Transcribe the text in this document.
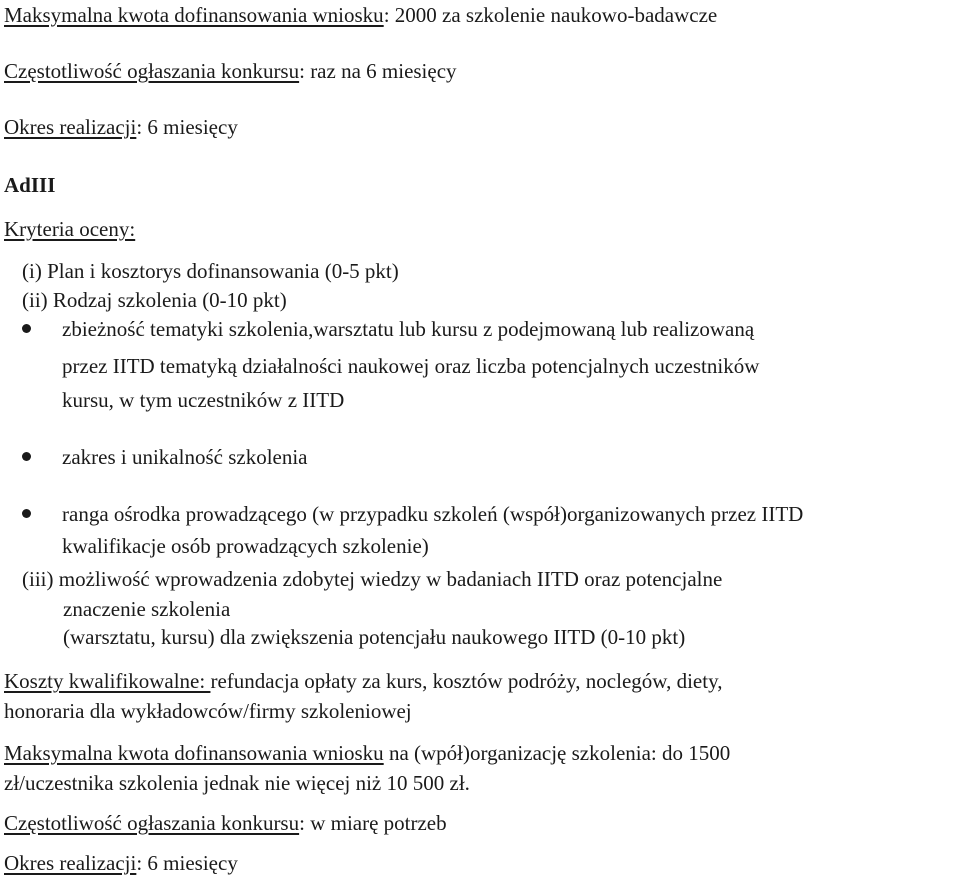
Maksymalna kwota dofinansowania wniosku: 2000 za szkolenie naukowo-badawcze
Częstotliwość ogłaszania konkursu: raz na 6 miesięcy
Okres realizacji: 6 miesięcy
AdIII
Kryteria oceny:
(i) Plan i kosztorys dofinansowania (0-5 pkt)
(ii) Rodzaj szkolenia (0-10 pkt)
zbieżność tematyki szkolenia,warsztatu lub kursu z podejmowaną lub realizowaną
przez IITD tematyką działalności naukowej oraz liczba potencjalnych uczestników
kursu, w tym uczestników z IITD
zakres i unikalność szkolenia
ranga ośrodka prowadzącego (w przypadku szkoleń (współ)organizowanych przez IITD
kwalifikacje osób prowadzących szkolenie)
(iii) możliwość wprowadzenia zdobytej wiedzy w badaniach IITD oraz potencjalne
znaczenie szkolenia
(warsztatu, kursu) dla zwiększenia potencjału naukowego IITD (0-10 pkt)
Koszty kwalifikowalne: refundacja opłaty za kurs, kosztów podróży, noclegów, diety,
honoraria dla wykładowców/firmy szkoleniowej
Maksymalna kwota dofinansowania wniosku na (wpół)organizację szkolenia: do 1500
zł/uczestnika szkolenia jednak nie więcej niż 10 500 zł.
Częstotliwość ogłaszania konkursu: w miarę potrzeb
Okres realizacji: 6 miesięcy
